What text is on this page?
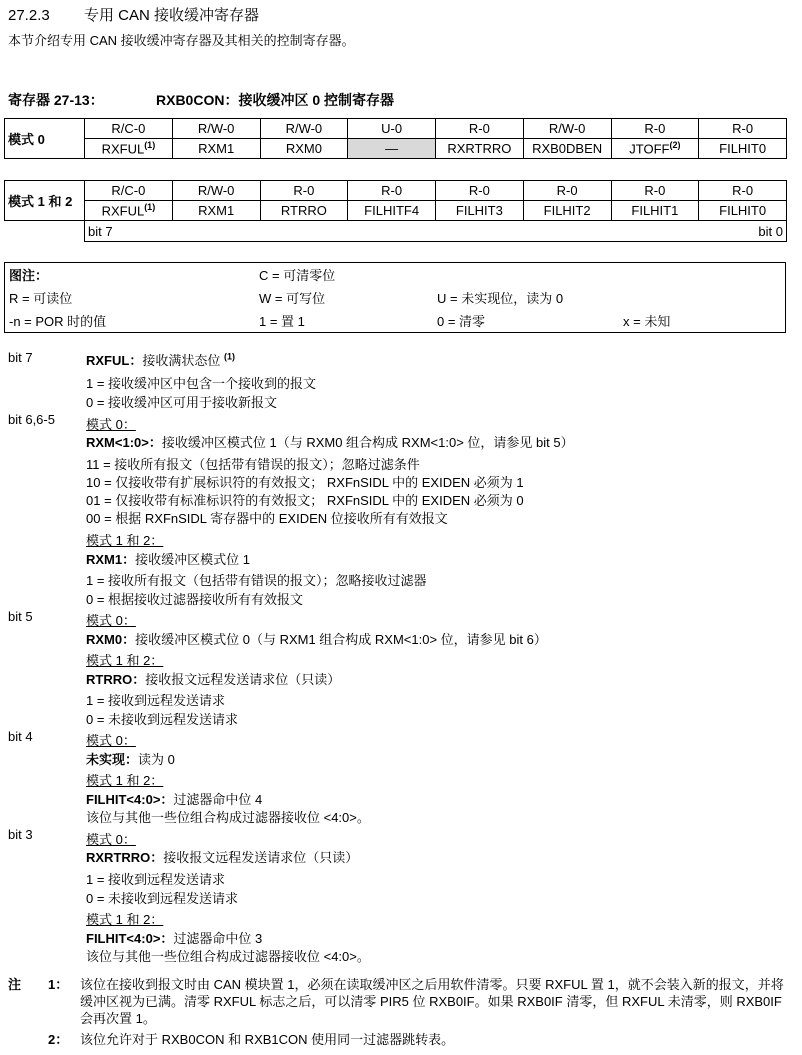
27.2.3 专用 CAN 接收缓冲寄存器
本节介绍专用 CAN 接收缓冲寄存器及其相关的控制寄存器。
寄存器 27-13：	RXB0CON：接收缓冲区 0 控制寄存器
模式 0	R/C-0	R/W-0	R/W-0	U-0	R-0	R/W-0	R-0	R-0
	RXFUL$^{(1)}$	RXM1	RXM0	—	RXRTRRO	RXB0DBEN	JTOFF$^{(2)}$	FILHIT0
模式 1 和 2	R/C-0	R/W-0	R-0	R-0	R-0	R-0	R-0	R-0
	RXFUL$^{(1)}$	RXM1	RTRRO	FILHITF4	FILHIT3	FILHIT2	FILHIT1	FILHIT0
	bit 7 bit 0							
图注：	C = 可清零位		
R = 可读位	W = 可写位	U = 未实现位，读为 0	
-n = POR 时的值	1 = 置 1	0 = 清零	x = 未知
bit 7	RXFUL：接收满状态位 $^{(1)}$
1 = 接收缓冲区中包含一个接收到的报文
0 = 接收缓冲区可用于接收新报文
bit 6,6-5 模式 0：
RXM<1:0>：接收缓冲区模式位 1（与 RXM0 组合构成 RXM<1:0> 位，请参见 bit 5）
11 = 接收所有报文（包括带有错误的报文）；忽略过滤条件
10 = 仅接收带有扩展标识符的有效报文； RXFnSIDL 中的 EXIDEN 必须为 1
01 = 仅接收带有标准标识符的有效报文； RXFnSIDL 中的 EXIDEN 必须为 0
00 = 根据 RXFnSIDL 寄存器中的 EXIDEN 位接收所有有效报文
模式 1 和 2：
RXM1：接收缓冲区模式位 1
1 = 接收所有报文（包括带有错误的报文）；忽略接收过滤器
0 = 根据接收过滤器接收所有有效报文
bit 5	模式 0：
RXM0：接收缓冲区模式位 0（与 RXM1 组合构成 RXM<1:0> 位，请参见 bit 6）
模式 1 和 2：
RTRRO：接收报文远程发送请求位（只读）
1 = 接收到远程发送请求
0 = 未接收到远程发送请求
bit 4	模式 0：
未实现：读为 0
模式 1 和 2：
FILHIT<4:0>：过滤器命中位 4
该位与其他一些位组合构成过滤器接收位 <4:0>。
bit 3	模式 0：
RXRTRRO：接收报文远程发送请求位（只读）
1 = 接收到远程发送请求
0 = 未接收到远程发送请求
模式 1 和 2：
FILHIT<4:0>：过滤器命中位 3
该位与其他一些位组合构成过滤器接收位 <4:0>。
注 1： 该位在接收到报文时由 CAN 模块置 1，必须在读取缓冲区之后用软件清零。只要 RXFUL 置 1，就不会装入新的报文，并将缓冲区视为已满。清零 RXFUL 标志之后，可以清零 PIR5 位 RXB0IF。如果 RXB0IF 清零，但 RXFUL 未清零，则 RXB0IF 会再次置 1。
2： 该位允许对于 RXB0CON 和 RXB1CON 使用同一过滤器跳转表。
